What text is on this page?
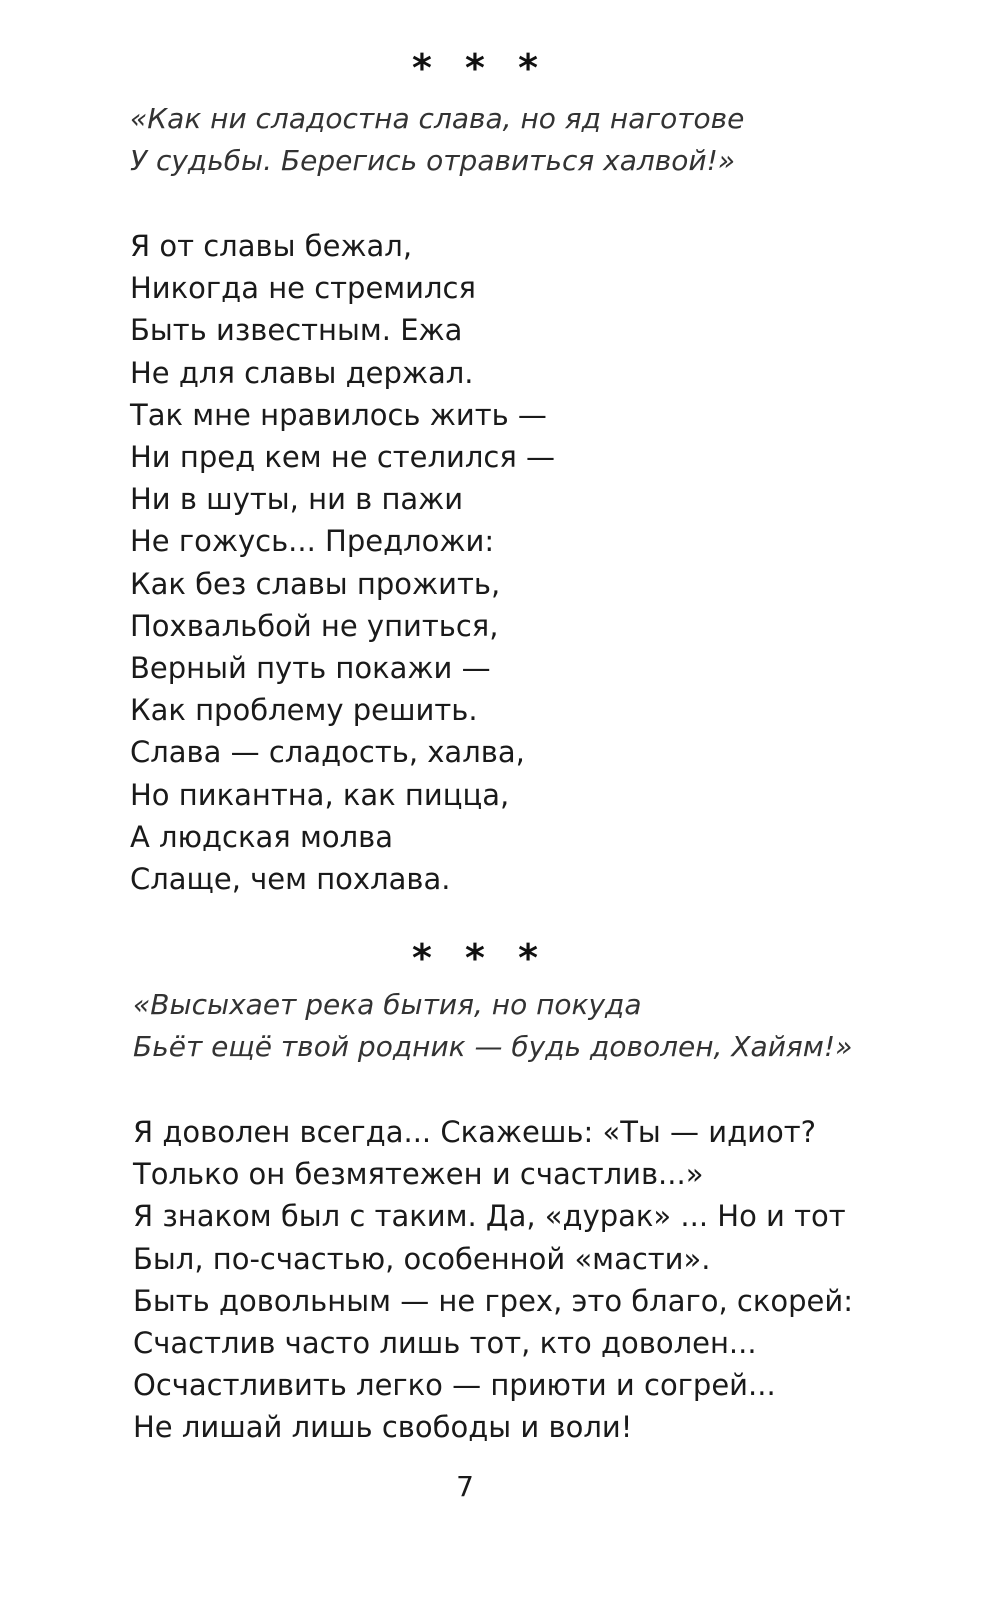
* * *
«Как ни сладостна слава, но яд наготове
У судьбы. Берегись отравиться халвой!»
Я от славы бежал,
Никогда не стремился
Быть известным. Ежа
Не для славы держал.
Так мне нравилось жить —
Ни пред кем не стелился —
Ни в шуты, ни в пажи
Не гожусь... Предложи:
Как без славы прожить,
Похвальбой не упиться,
Верный путь покажи —
Как проблему решить.
Слава — сладость, халва,
Но пикантна, как пицца,
А людская молва
Слаще, чем похлава.
* * *
«Высыхает река бытия, но покуда
Бьёт ещё твой родник — будь доволен, Хайям!»
Я доволен всегда... Скажешь: «Ты — идиот?
Только он безмятежен и счастлив...»
Я знаком был с таким. Да, «дурак» ... Но и тот
Был, по-счастью, особенной «масти».
Быть довольным — не грех, это благо, скорей:
Счастлив часто лишь тот, кто доволен...
Осчастливить легко — приюти и согрей...
Не лишай лишь свободы и воли!
7
